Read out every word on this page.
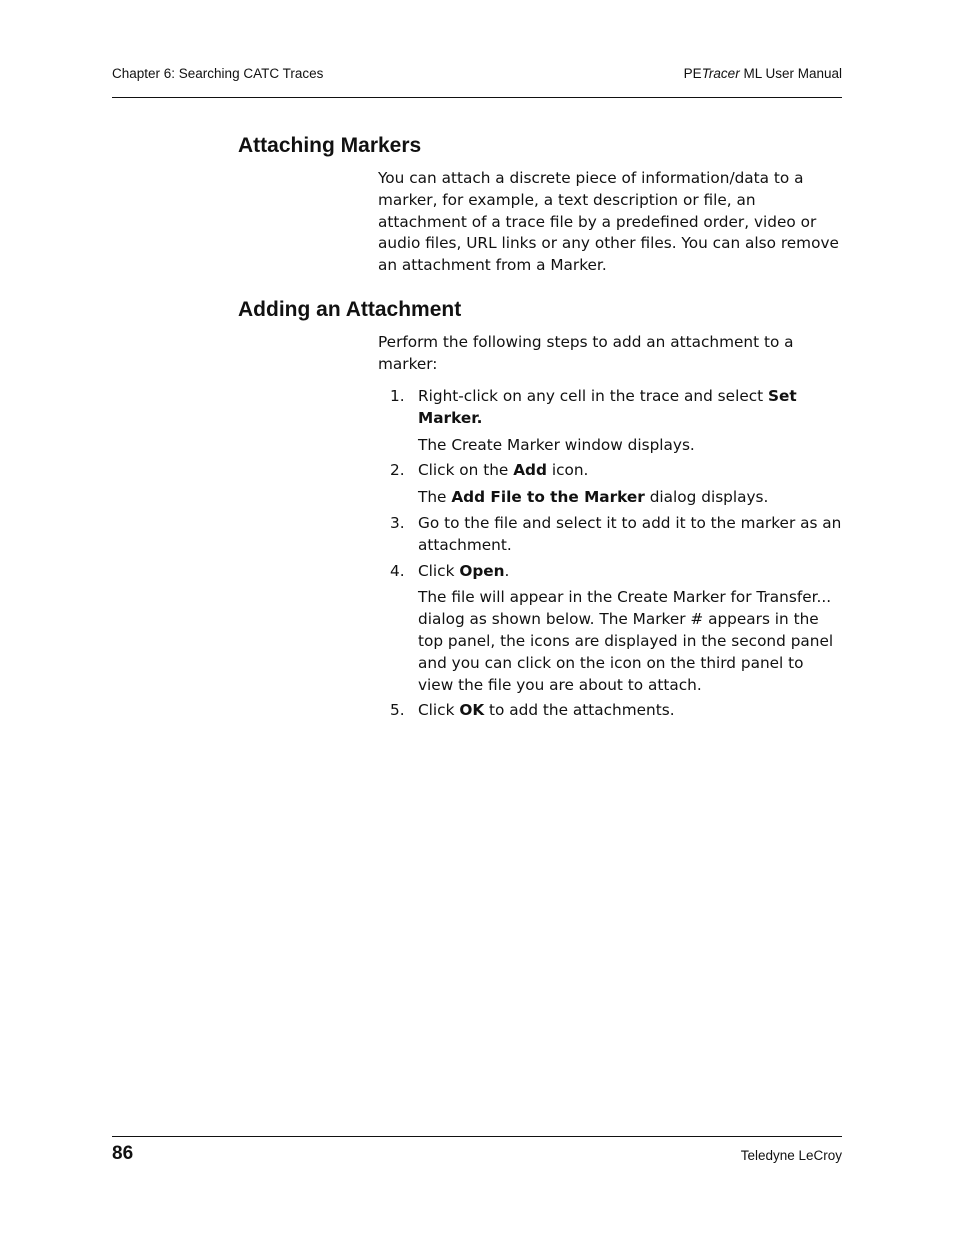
Chapter 6: Searching CATC Traces	PETracer ML User Manual
Attaching Markers

You can attach a discrete piece of information/data to a marker, for example, a text description or file, an attachment of a trace file by a predefined order, video or audio files, URL links or any other files. You can also remove an attachment from a Marker.

Adding an Attachment

Perform the following steps to add an attachment to a marker:

1. Right-click on any cell in the trace and select Set Marker.
The Create Marker window displays.
2. Click on the Add icon.
The Add File to the Marker dialog displays.
3. Go to the file and select it to add it to the marker as an attachment.
4. Click Open.
The file will appear in the Create Marker for Transfer... dialog as shown below. The Marker # appears in the top panel, the icons are displayed in the second panel and you can click on the icon on the third panel to view the file you are about to attach.
5. Click OK to add the attachments.
86	Teledyne LeCroy
